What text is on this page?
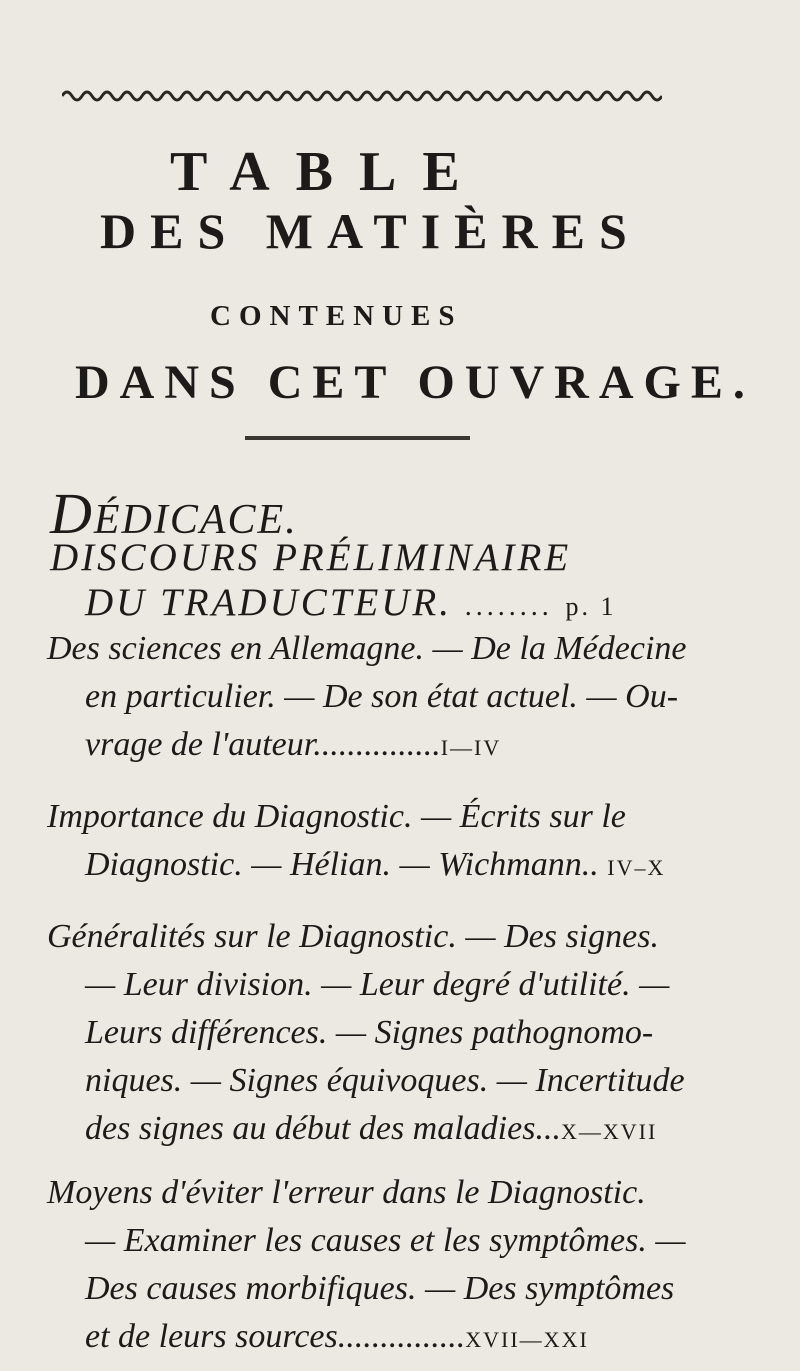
TABLE
DES MATIÈRES
CONTENUES
DANS CET OUVRAGE.
DÉDICACE.
DISCOURS PRÉLIMINAIRE
DU TRADUCTEUR. ........ p. 1
Des sciences en Allemagne. — De la Médecine
en particulier. — De son état actuel. — Ou-
vrage de l'auteur...............I—IV
Importance du Diagnostic. — Écrits sur le
Diagnostic. — Hélian. — Wichmann.. IV–X
Généralités sur le Diagnostic. — Des signes.
— Leur division. — Leur degré d'utilité. —
Leurs différences. — Signes pathognomo-
niques. — Signes équivoques. — Incertitude
des signes au début des maladies...X—XVII
Moyens d'éviter l'erreur dans le Diagnostic.
— Examiner les causes et les symptômes. —
Des causes morbifiques. — Des symptômes
et de leurs sources...............XVII—XXI
